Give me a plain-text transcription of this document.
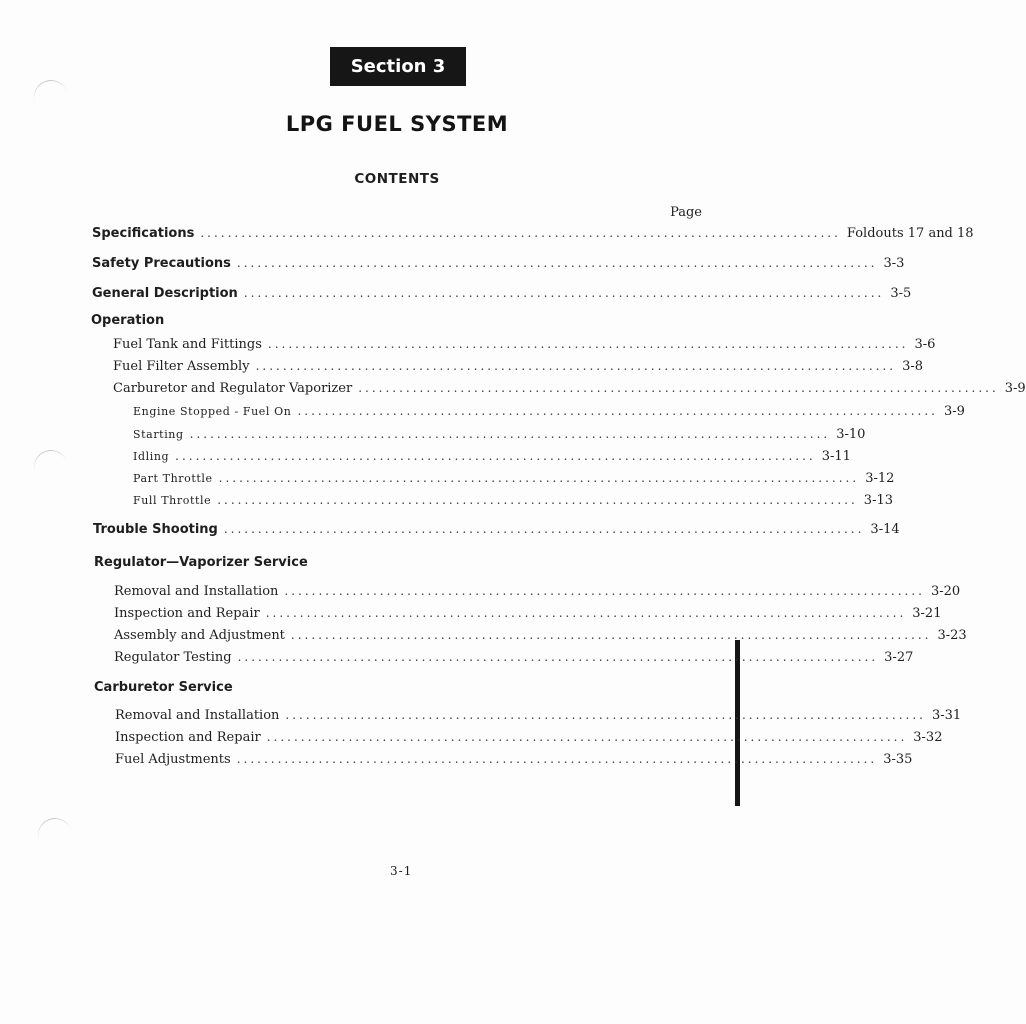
Section 3
LPG FUEL SYSTEM
CONTENTS
Page
Specifications .............................................................................................. Foldouts 17 and 18
Safety Precautions .............................................................................................. 3-3
General Description .............................................................................................. 3-5
Operation
Fuel Tank and Fittings .............................................................................................. 3-6
Fuel Filter Assembly .............................................................................................. 3-8
Carburetor and Regulator Vaporizer .............................................................................................. 3-9
Engine Stopped - Fuel On .............................................................................................. 3-9
Starting .............................................................................................. 3-10
Idling .............................................................................................. 3-11
Part Throttle .............................................................................................. 3-12
Full Throttle .............................................................................................. 3-13
Trouble Shooting .............................................................................................. 3-14
Regulator—Vaporizer Service
Removal and Installation .............................................................................................. 3-20
Inspection and Repair .............................................................................................. 3-21
Assembly and Adjustment .............................................................................................. 3-23
Regulator Testing .............................................................................................. 3-27
Carburetor Service
Removal and Installation .............................................................................................. 3-31
Inspection and Repair .............................................................................................. 3-32
Fuel Adjustments .............................................................................................. 3-35
3-1
